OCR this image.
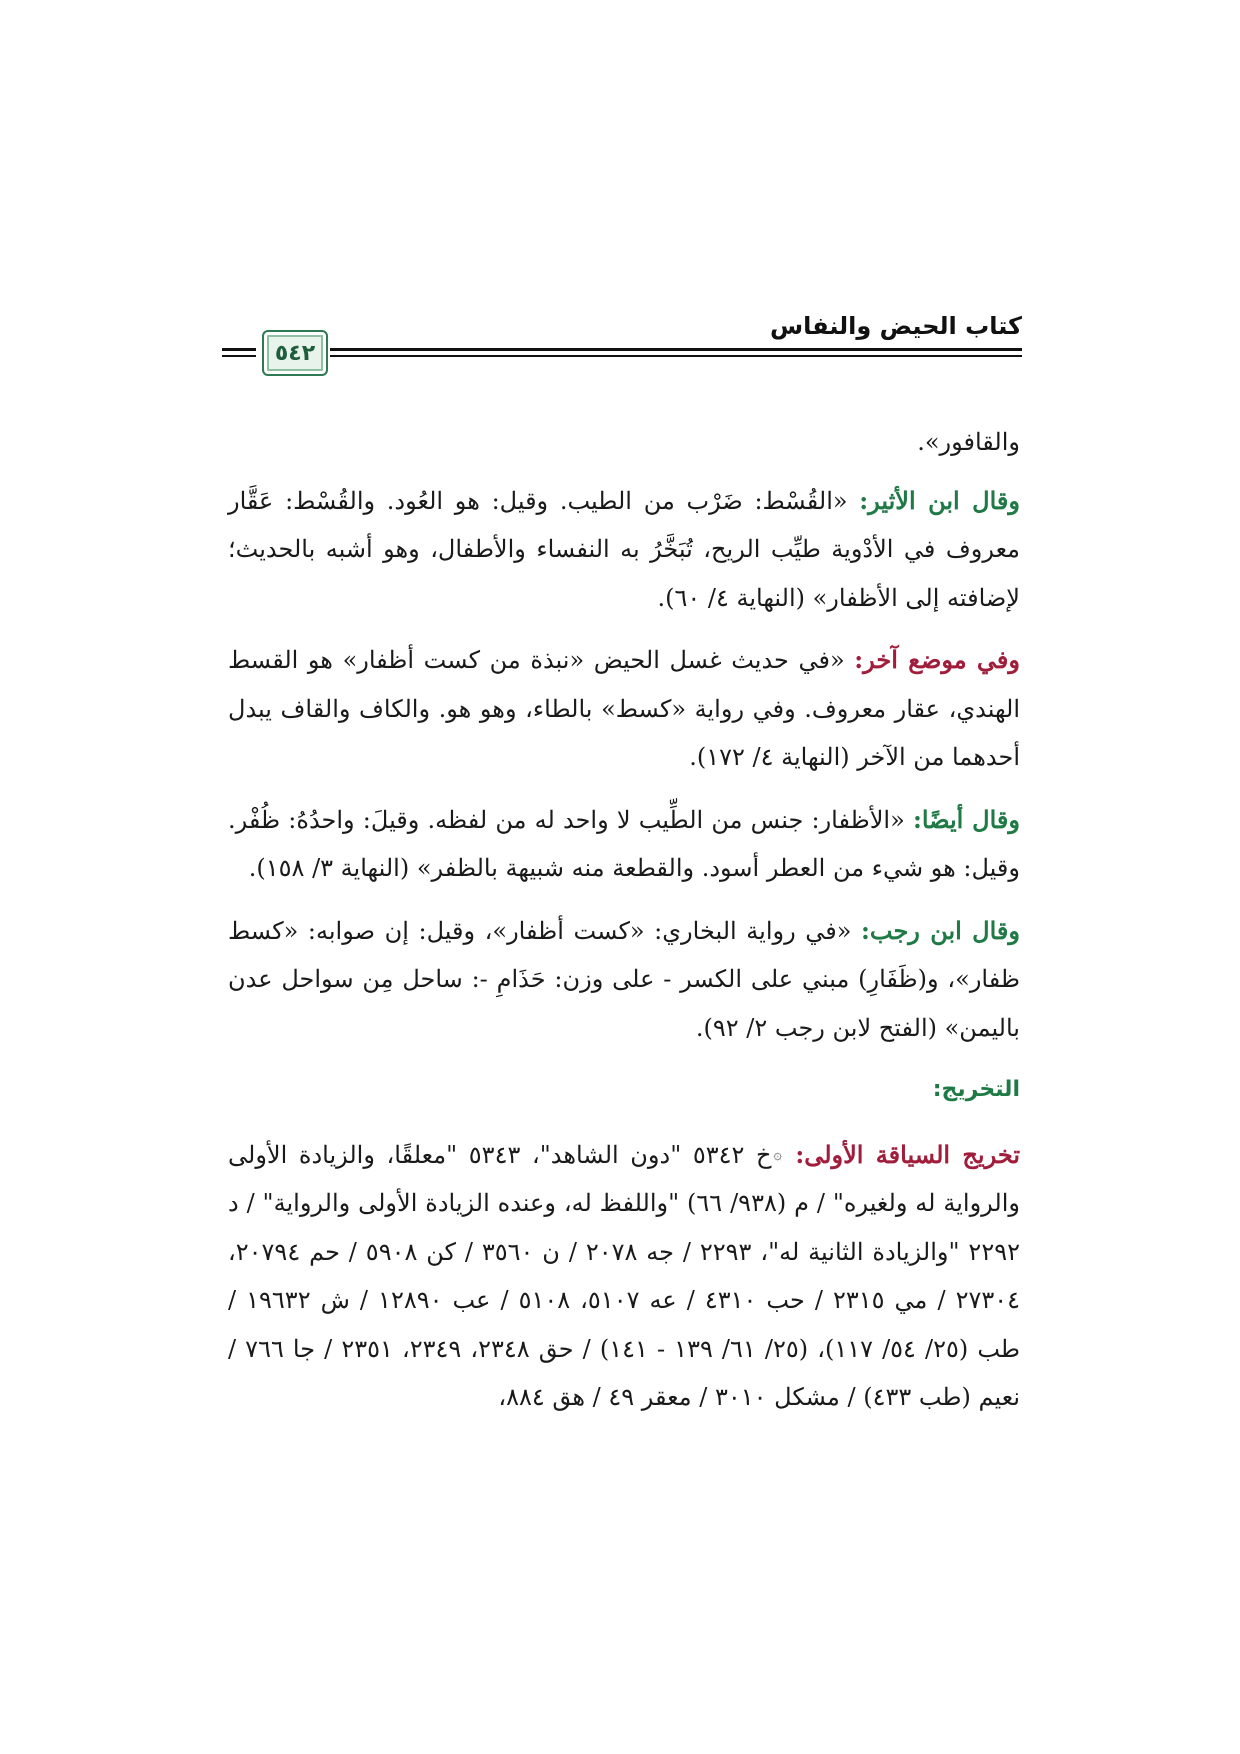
كتاب الحيض والنفاس
٥٤٢

والقافور».

وقال ابن الأثير: «القُسْط: ضَرْب من الطيب. وقيل: هو العُود. والقُسْط: عَقَّار معروف في الأدْوية طيِّب الريح، تُبَخَّرُ به النفساء والأطفال، وهو أشبه بالحديث؛ لإضافته إلى الأظفار» (النهاية ٤/ ٦٠).

وفي موضع آخر: «في حديث غسل الحيض «نبذة من كست أظفار» هو القسط الهندي، عقار معروف. وفي رواية «كسط» بالطاء، وهو هو. والكاف والقاف يبدل أحدهما من الآخر (النهاية ٤/ ١٧٢).

وقال أيضًا: «الأظفار: جنس من الطِّيب لا واحد له من لفظه. وقيلَ: واحدُهُ: ظُفْر. وقيل: هو شيء من العطر أسود. والقطعة منه شبيهة بالظفر» (النهاية ٣/ ١٥٨).

وقال ابن رجب: «في رواية البخاري: «كست أظفار»، وقيل: إن صوابه: «كسط ظفار»، و(ظَفَارِ) مبني على الكسر - على وزن: حَذَامِ -: ساحل مِن سواحل عدن باليمن» (الفتح لابن رجب ٢/ ٩٢).

التخريج:

تخريج السياقة الأولى: ۞خ ٥٣٤٢ "دون الشاهد"، ٥٣٤٣ "معلقًا، والزيادة الأولى والرواية له ولغيره" / م (٩٣٨/ ٦٦) "واللفظ له، وعنده الزيادة الأولى والرواية" / د ٢٢٩٢ "والزيادة الثانية له"، ٢٢٩٣ / جه ٢٠٧٨ / ن ٣٥٦٠ / كن ٥٩٠٨ / حم ٢٠٧٩٤، ٢٧٣٠٤ / مي ٢٣١٥ / حب ٤٣١٠ / عه ٥١٠٧، ٥١٠٨ / عب ١٢٨٩٠ / ش ١٩٦٣٢ / طب (٢٥/ ٥٤/ ١١٧)، (٢٥/ ٦١/ ١٣٩ - ١٤١) / حق ٢٣٤٨، ٢٣٤٩، ٢٣٥١ / جا ٧٦٦ / نعيم (طب ٤٣٣) / مشكل ٣٠١٠ / معقر ٤٩ / هق ٨٨٤،
